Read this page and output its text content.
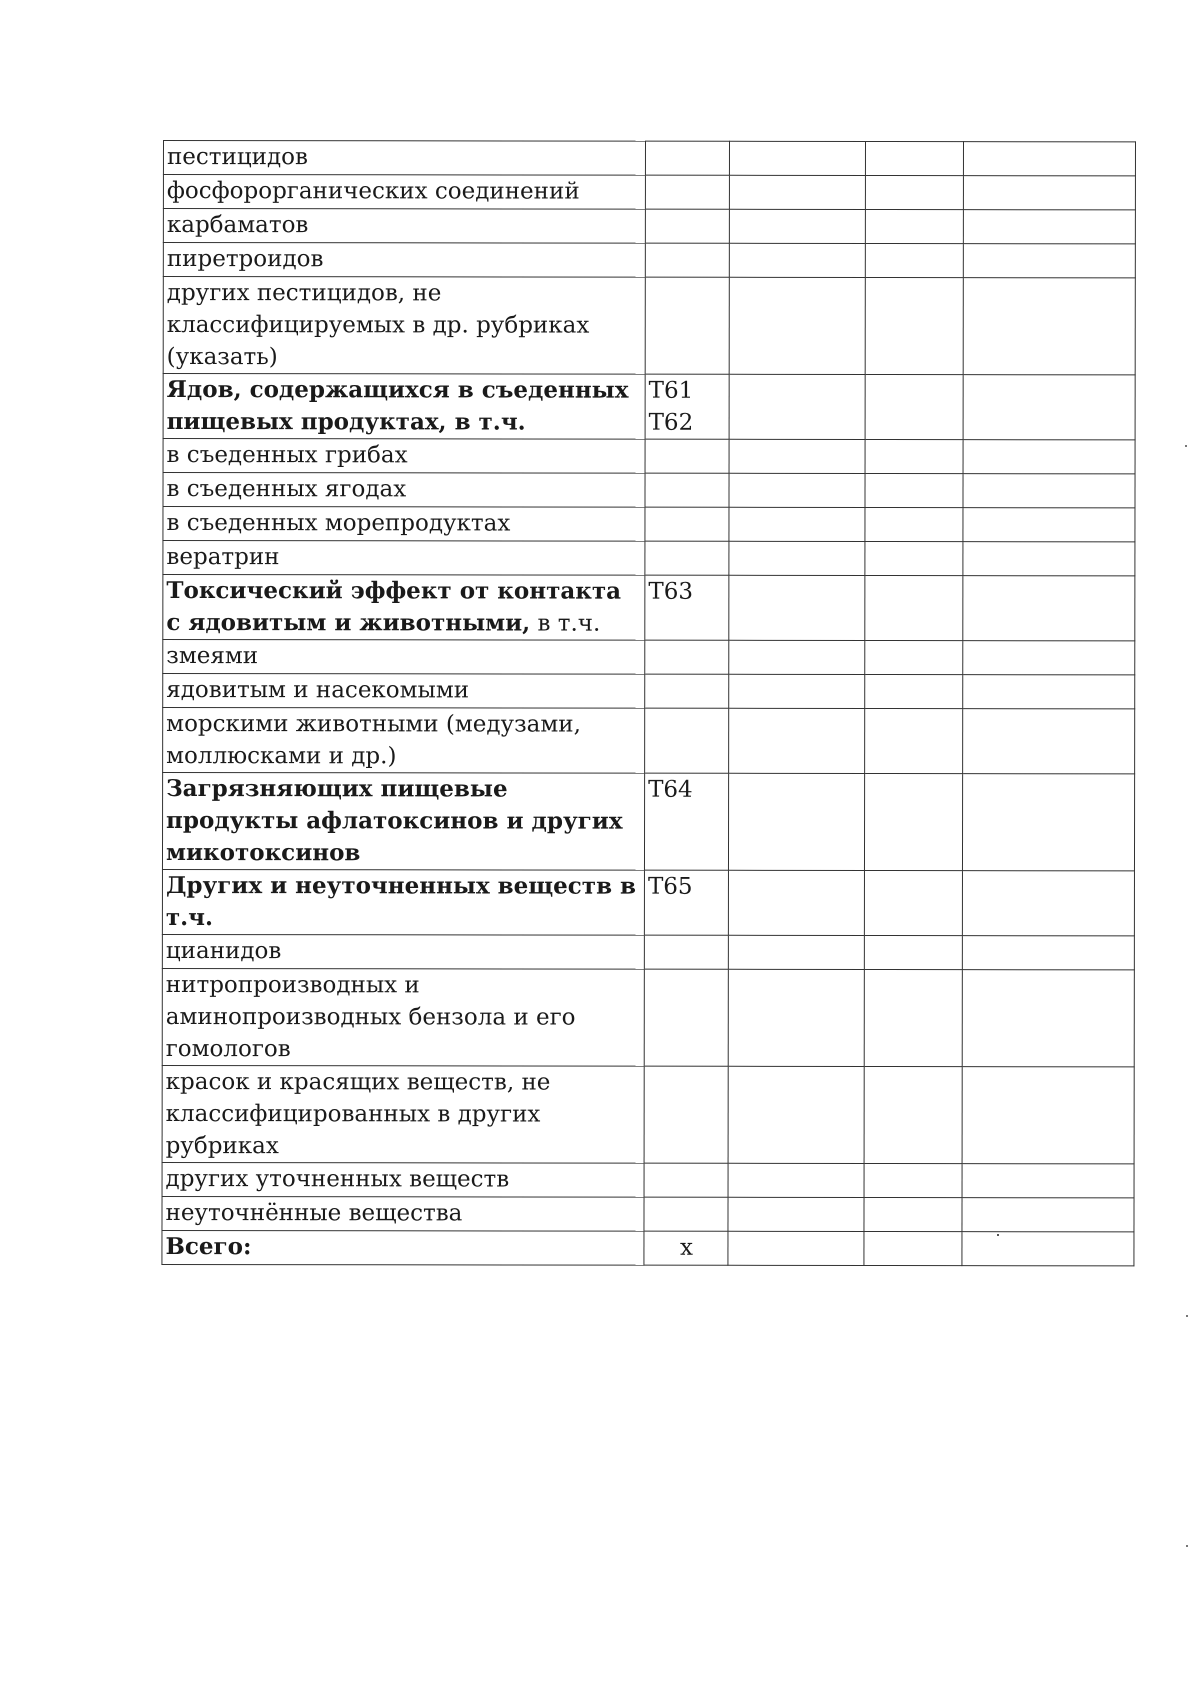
пестицидов				
фосфорорганических соединений				
карбаматов				
пиретроидов				
других пестицидов, не классифицируемых в др. рубриках (указать)				
Ядов, содержащихся в съеденных пищевых продуктах, в т.ч.	Т61 Т62			
в съеденных грибах				
в съеденных ягодах				
в съеденных морепродуктах				
вератрин				
Токсический эффект от контакта с ядовитым и животными, в т.ч.	Т63			
змеями				
ядовитым и насекомыми				
морскими животными (медузами, моллюсками и др.)				
Загрязняющих пищевые продукты афлатоксинов и других микотоксинов	Т64			
Других и неуточненных веществ в т.ч.	Т65			
цианидов				
нитропроизводных и аминопроизводных бензола и его гомологов				
красок и красящих веществ, не классифицированных в других рубриках				
других уточненных веществ				
неуточнённые вещества				
Всего:	х			
